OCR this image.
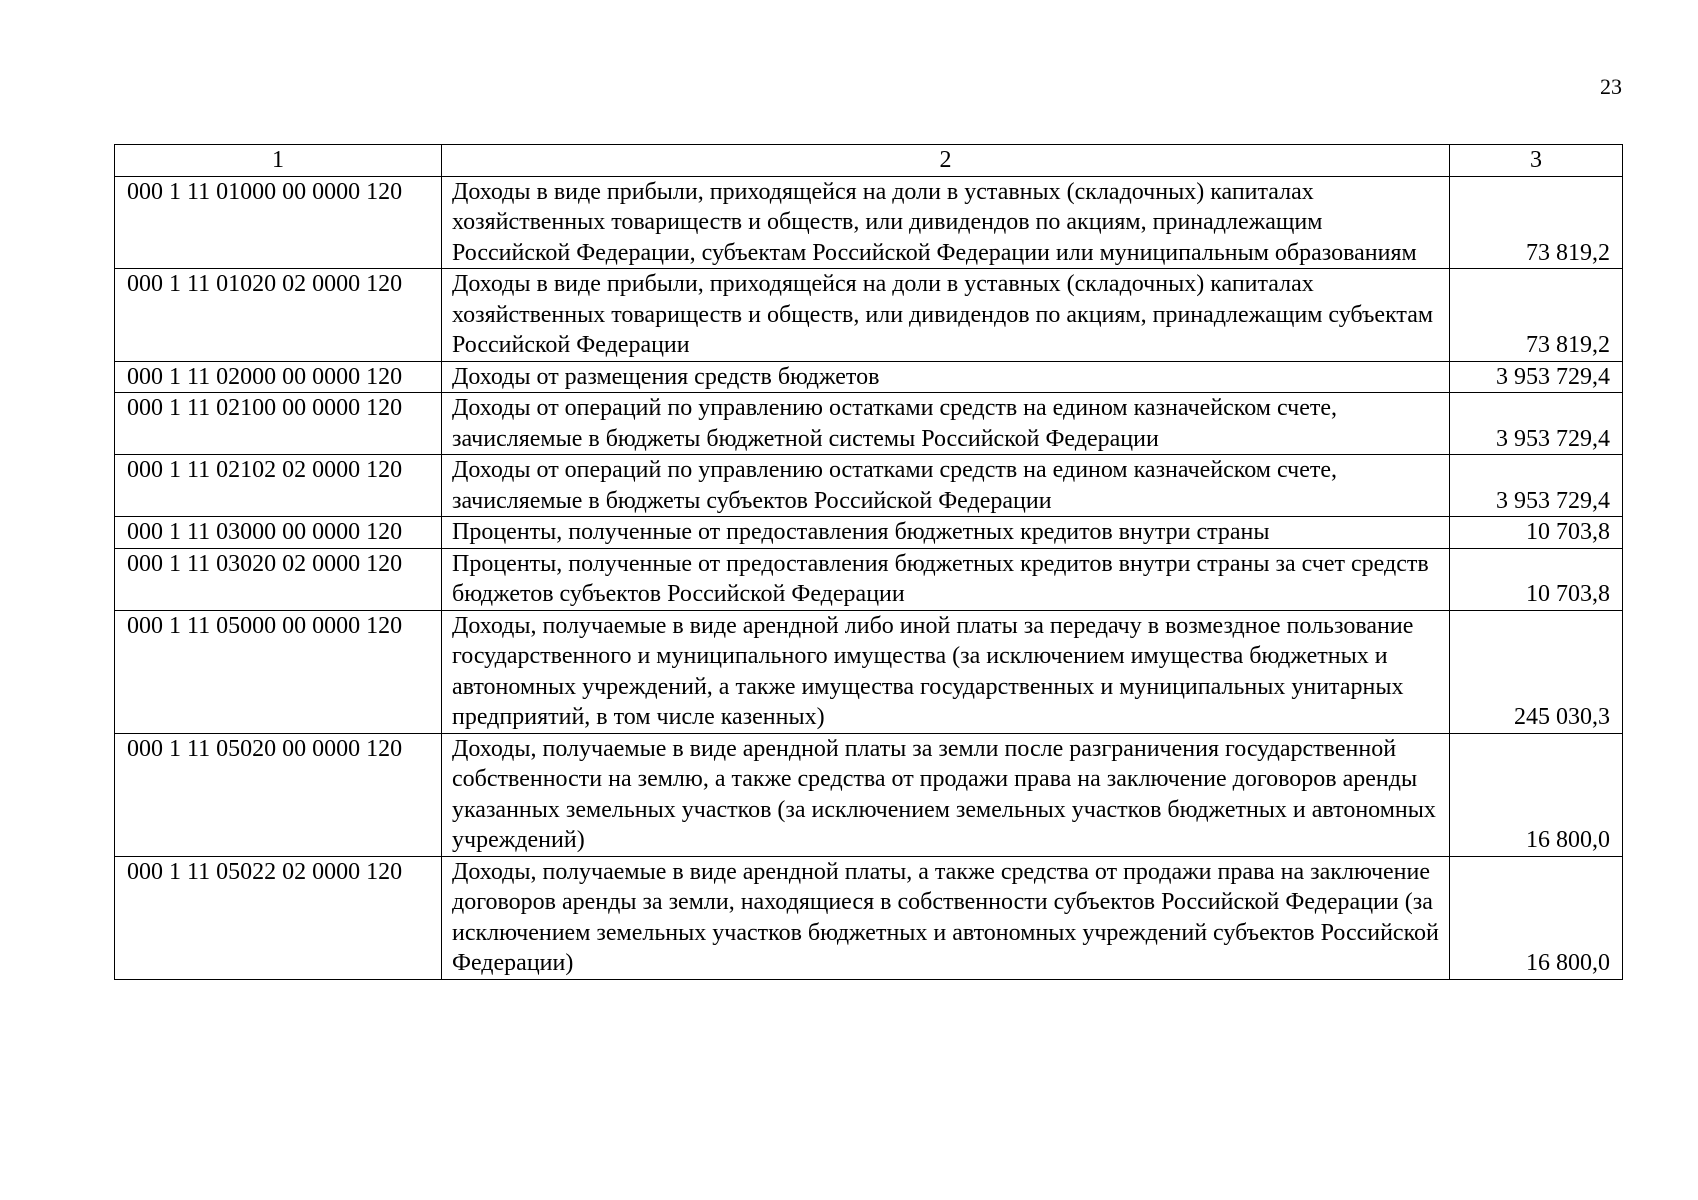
23
1	2	3
000 1 11 01000 00 0000 120	Доходы в виде прибыли, приходящейся на доли в уставных (складочных) капиталах хозяйственных товариществ и обществ, или дивидендов по акциям, принадлежащим Российской Федерации, субъектам Российской Федерации или муниципальным образованиям	73 819,2
000 1 11 01020 02 0000 120	Доходы в виде прибыли, приходящейся на доли в уставных (складочных) капиталах хозяйственных товариществ и обществ, или дивидендов по акциям, принадлежащим субъектам Российской Федерации	73 819,2
000 1 11 02000 00 0000 120	Доходы от размещения средств бюджетов	3 953 729,4
000 1 11 02100 00 0000 120	Доходы от операций по управлению остатками средств на едином казначейском счете, зачисляемые в бюджеты бюджетной системы Российской Федерации	3 953 729,4
000 1 11 02102 02 0000 120	Доходы от операций по управлению остатками средств на едином казначейском счете, зачисляемые в бюджеты субъектов Российской Федерации	3 953 729,4
000 1 11 03000 00 0000 120	Проценты, полученные от предоставления бюджетных кредитов внутри страны	10 703,8
000 1 11 03020 02 0000 120	Проценты, полученные от предоставления бюджетных кредитов внутри страны за счет средств бюджетов субъектов Российской Федерации	10 703,8
000 1 11 05000 00 0000 120	Доходы, получаемые в виде арендной либо иной платы за передачу в возмездное пользование государственного и муниципального имущества (за исключением имущества бюджетных и автономных учреждений, а также имущества государственных и муниципальных унитарных предприятий, в том числе казенных)	245 030,3
000 1 11 05020 00 0000 120	Доходы, получаемые в виде арендной платы за земли после разграничения государственной собственности на землю, а также средства от продажи права на заключение договоров аренды указанных земельных участков (за исключением земельных участков бюджетных и автономных учреждений)	16 800,0
000 1 11 05022 02 0000 120	Доходы, получаемые в виде арендной платы, а также средства от продажи права на заключение договоров аренды за земли, находящиеся в собственности субъектов Российской Федерации (за исключением земельных участков бюджетных и автономных учреждений субъектов Российской Федерации)	16 800,0
